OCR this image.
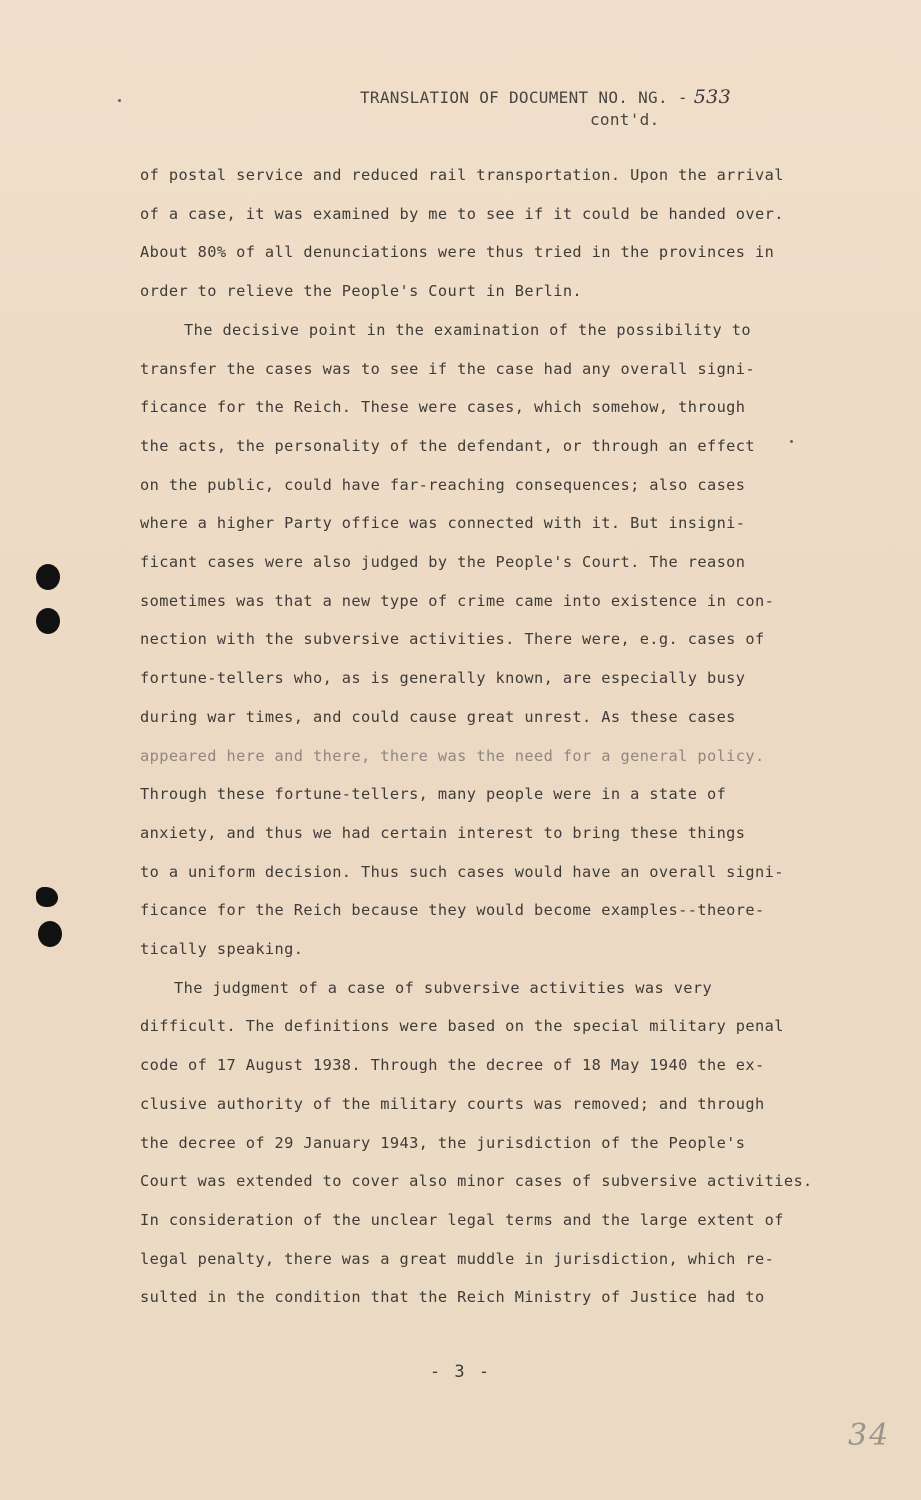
TRANSLATION OF DOCUMENT NO. NG. - 533
cont'd.
of postal service and reduced rail transportation. Upon the arrival
of a case, it was examined by me to see if it could be handed over.
About 80% of all denunciations were thus tried in the provinces in
order to relieve the People's Court in Berlin.
The decisive point in the examination of the possibility to
transfer the cases was to see if the case had any overall signi-
ficance for the Reich. These were cases, which somehow, through
the acts, the personality of the defendant, or through an effect
on the public, could have far-reaching consequences; also cases
where a higher Party office was connected with it. But insigni-
ficant cases were also judged by the People's Court. The reason
sometimes was that a new type of crime came into existence in con-
nection with the subversive activities. There were, e.g. cases of
fortune-tellers who, as is generally known, are especially busy
during war times, and could cause great unrest. As these cases
appeared here and there, there was the need for a general policy.
Through these fortune-tellers, many people were in a state of
anxiety, and thus we had certain interest to bring these things
to a uniform decision. Thus such cases would have an overall signi-
ficance for the Reich because they would become examples--theore-
tically speaking.
The judgment of a case of subversive activities was very
difficult. The definitions were based on the special military penal
code of 17 August 1938. Through the decree of 18 May 1940 the ex-
clusive authority of the military courts was removed; and through
the decree of 29 January 1943, the jurisdiction of the People's
Court was extended to cover also minor cases of subversive activities.
In consideration of the unclear legal terms and the large extent of
legal penalty, there was a great muddle in jurisdiction, which re-
sulted in the condition that the Reich Ministry of Justice had to
- 3 -
34
